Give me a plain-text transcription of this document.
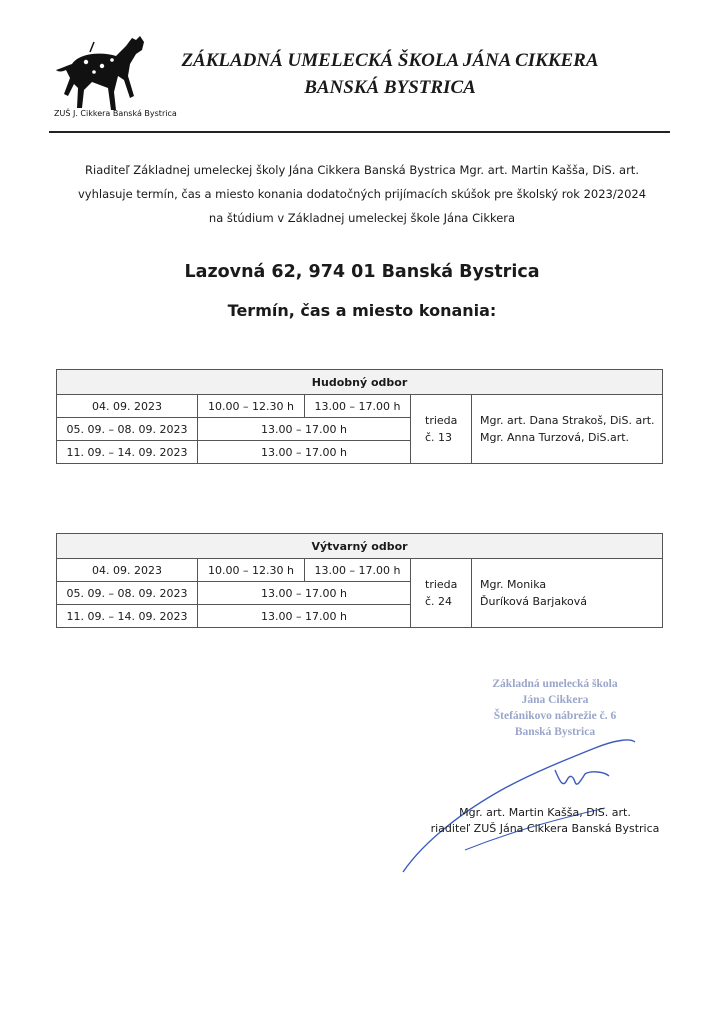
ZUŠ J. Cikkera Banská Bystrica
ZÁKLADNÁ UMELECKÁ ŠKOLA JÁNA CIKKERA
BANSKÁ BYSTRICA
Riaditeľ Základnej umeleckej školy Jána Cikkera Banská Bystrica Mgr. art. Martin Kašša, DiS. art.
vyhlasuje termín, čas a miesto konania dodatočných prijímacích skúšok pre školský rok 2023/2024
na štúdium v Základnej umeleckej škole Jána Cikkera
Lazovná 62, 974 01 Banská Bystrica
Termín, čas a miesto konania:
Hudobný odbor				
04. 09. 2023	10.00 – 12.30 h	13.00 – 17.00 h	trieda
č. 13	Mgr. art. Dana Strakoš, DiS. art.
Mgr. Anna Turzová, DiS.art.

05. 09. – 08. 09. 2023	13.00 – 17.00 h			
11. 09. – 14. 09. 2023	13.00 – 17.00 h			
Výtvarný odbor				
04. 09. 2023	10.00 – 12.30 h	13.00 – 17.00 h	trieda
č. 24	Mgr. Monika
Ďuríková Barjaková

05. 09. – 08. 09. 2023	13.00 – 17.00 h			
11. 09. – 14. 09. 2023	13.00 – 17.00 h			
Základná umelecká škola
Jána Cikkera
Štefánikovo nábrežie č. 6
Banská Bystrica
Mgr. art. Martin Kašša, DiS. art.
riaditeľ ZUŠ Jána Cikkera Banská Bystrica
